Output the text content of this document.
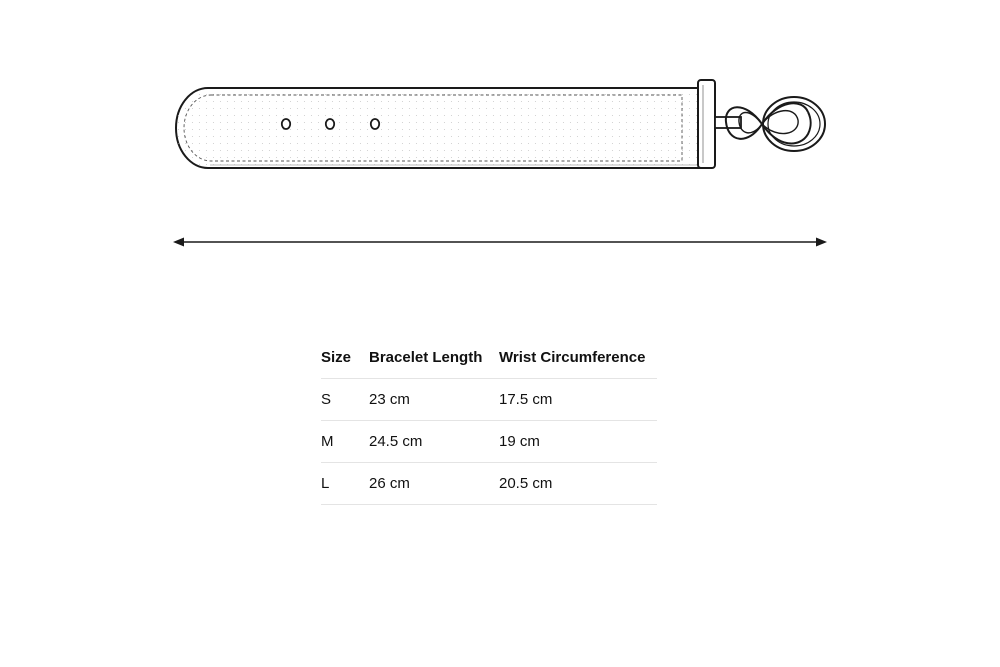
Size	Bracelet Length	Wrist Circumference
S	23 cm	17.5 cm
M	24.5 cm	19 cm
L	26 cm	20.5 cm
